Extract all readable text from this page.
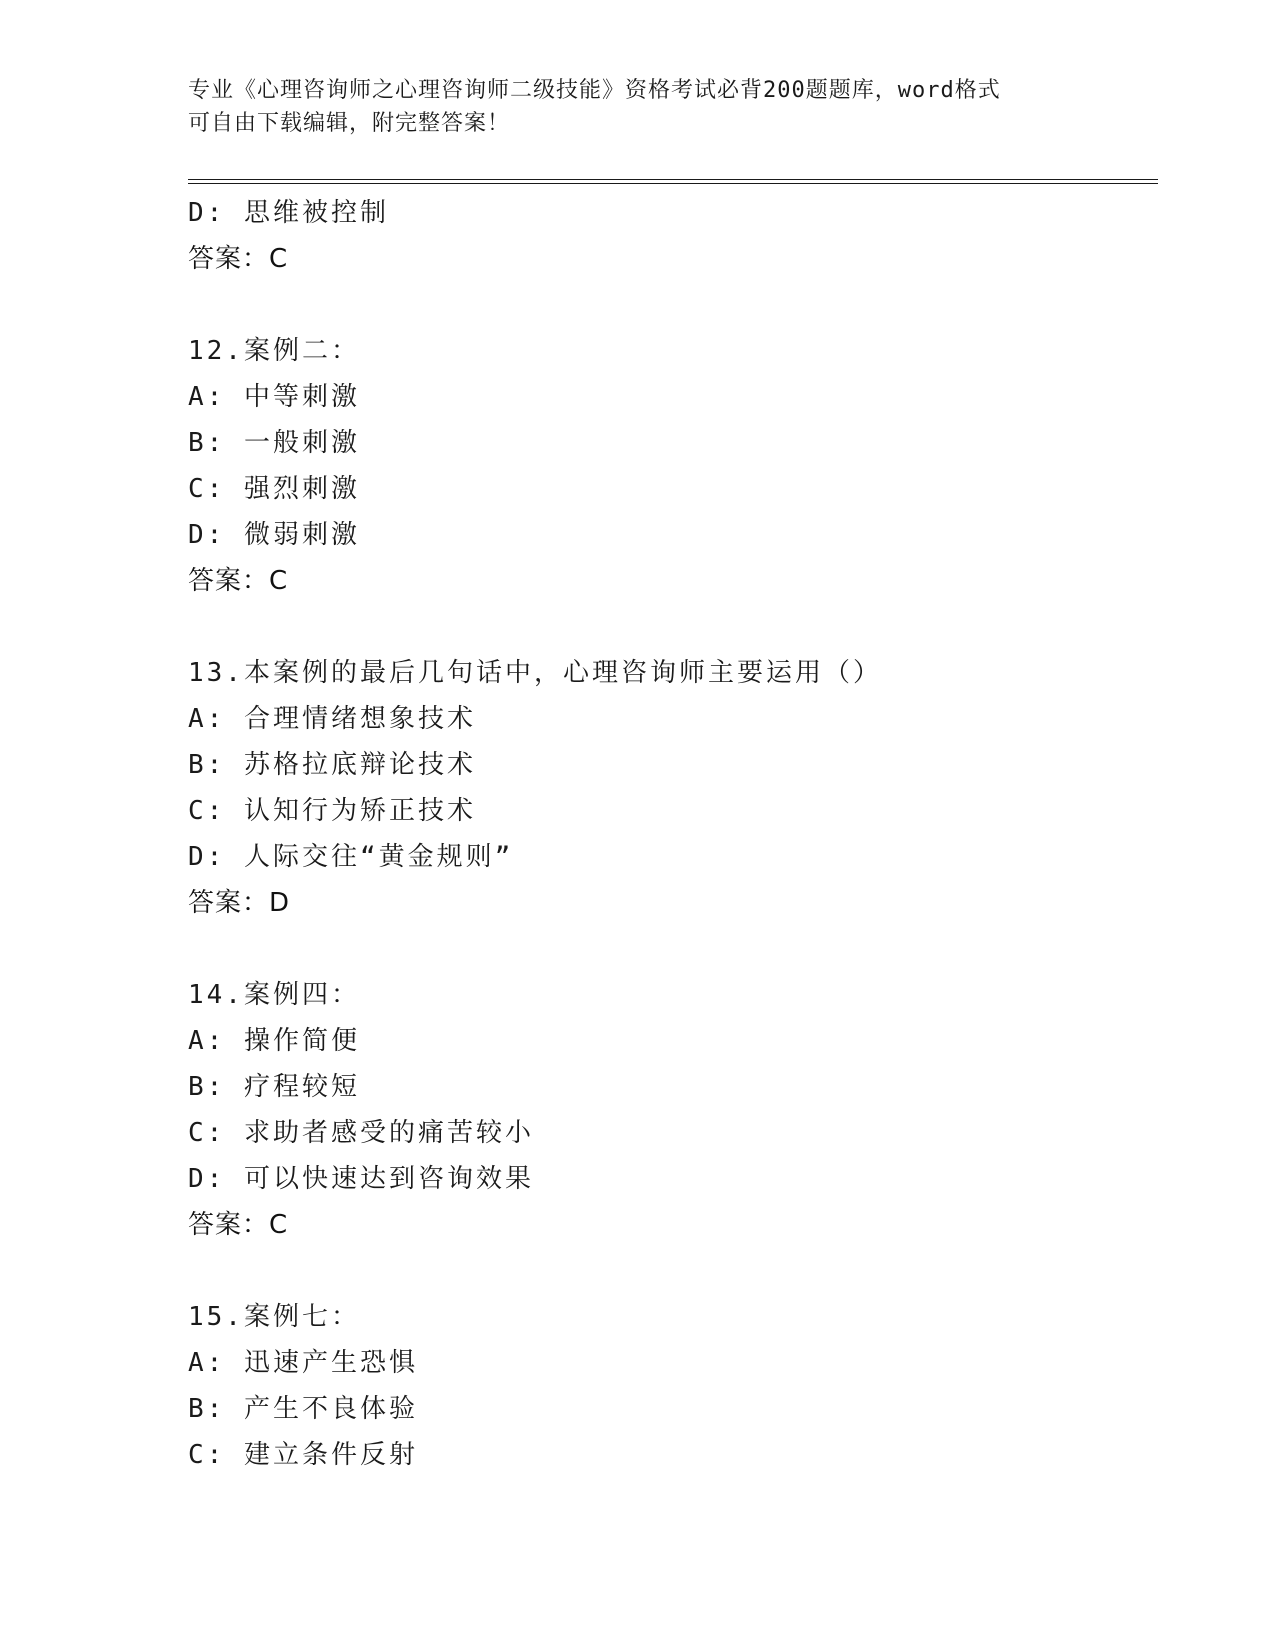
专业《心理咨询师之心理咨询师二级技能》资格考试必背200题题库，word格式
可自由下载编辑，附完整答案！
D: 思维被控制
答案：C
12.案例二：
A: 中等刺激
B: 一般刺激
C: 强烈刺激
D: 微弱刺激
答案：C
13.本案例的最后几句话中，心理咨询师主要运用（）
A: 合理情绪想象技术
B: 苏格拉底辩论技术
C: 认知行为矫正技术
D: 人际交往“黄金规则”
答案：D
14.案例四：
A: 操作简便
B: 疗程较短
C: 求助者感受的痛苦较小
D: 可以快速达到咨询效果
答案：C
15.案例七：
A: 迅速产生恐惧
B: 产生不良体验
C: 建立条件反射
